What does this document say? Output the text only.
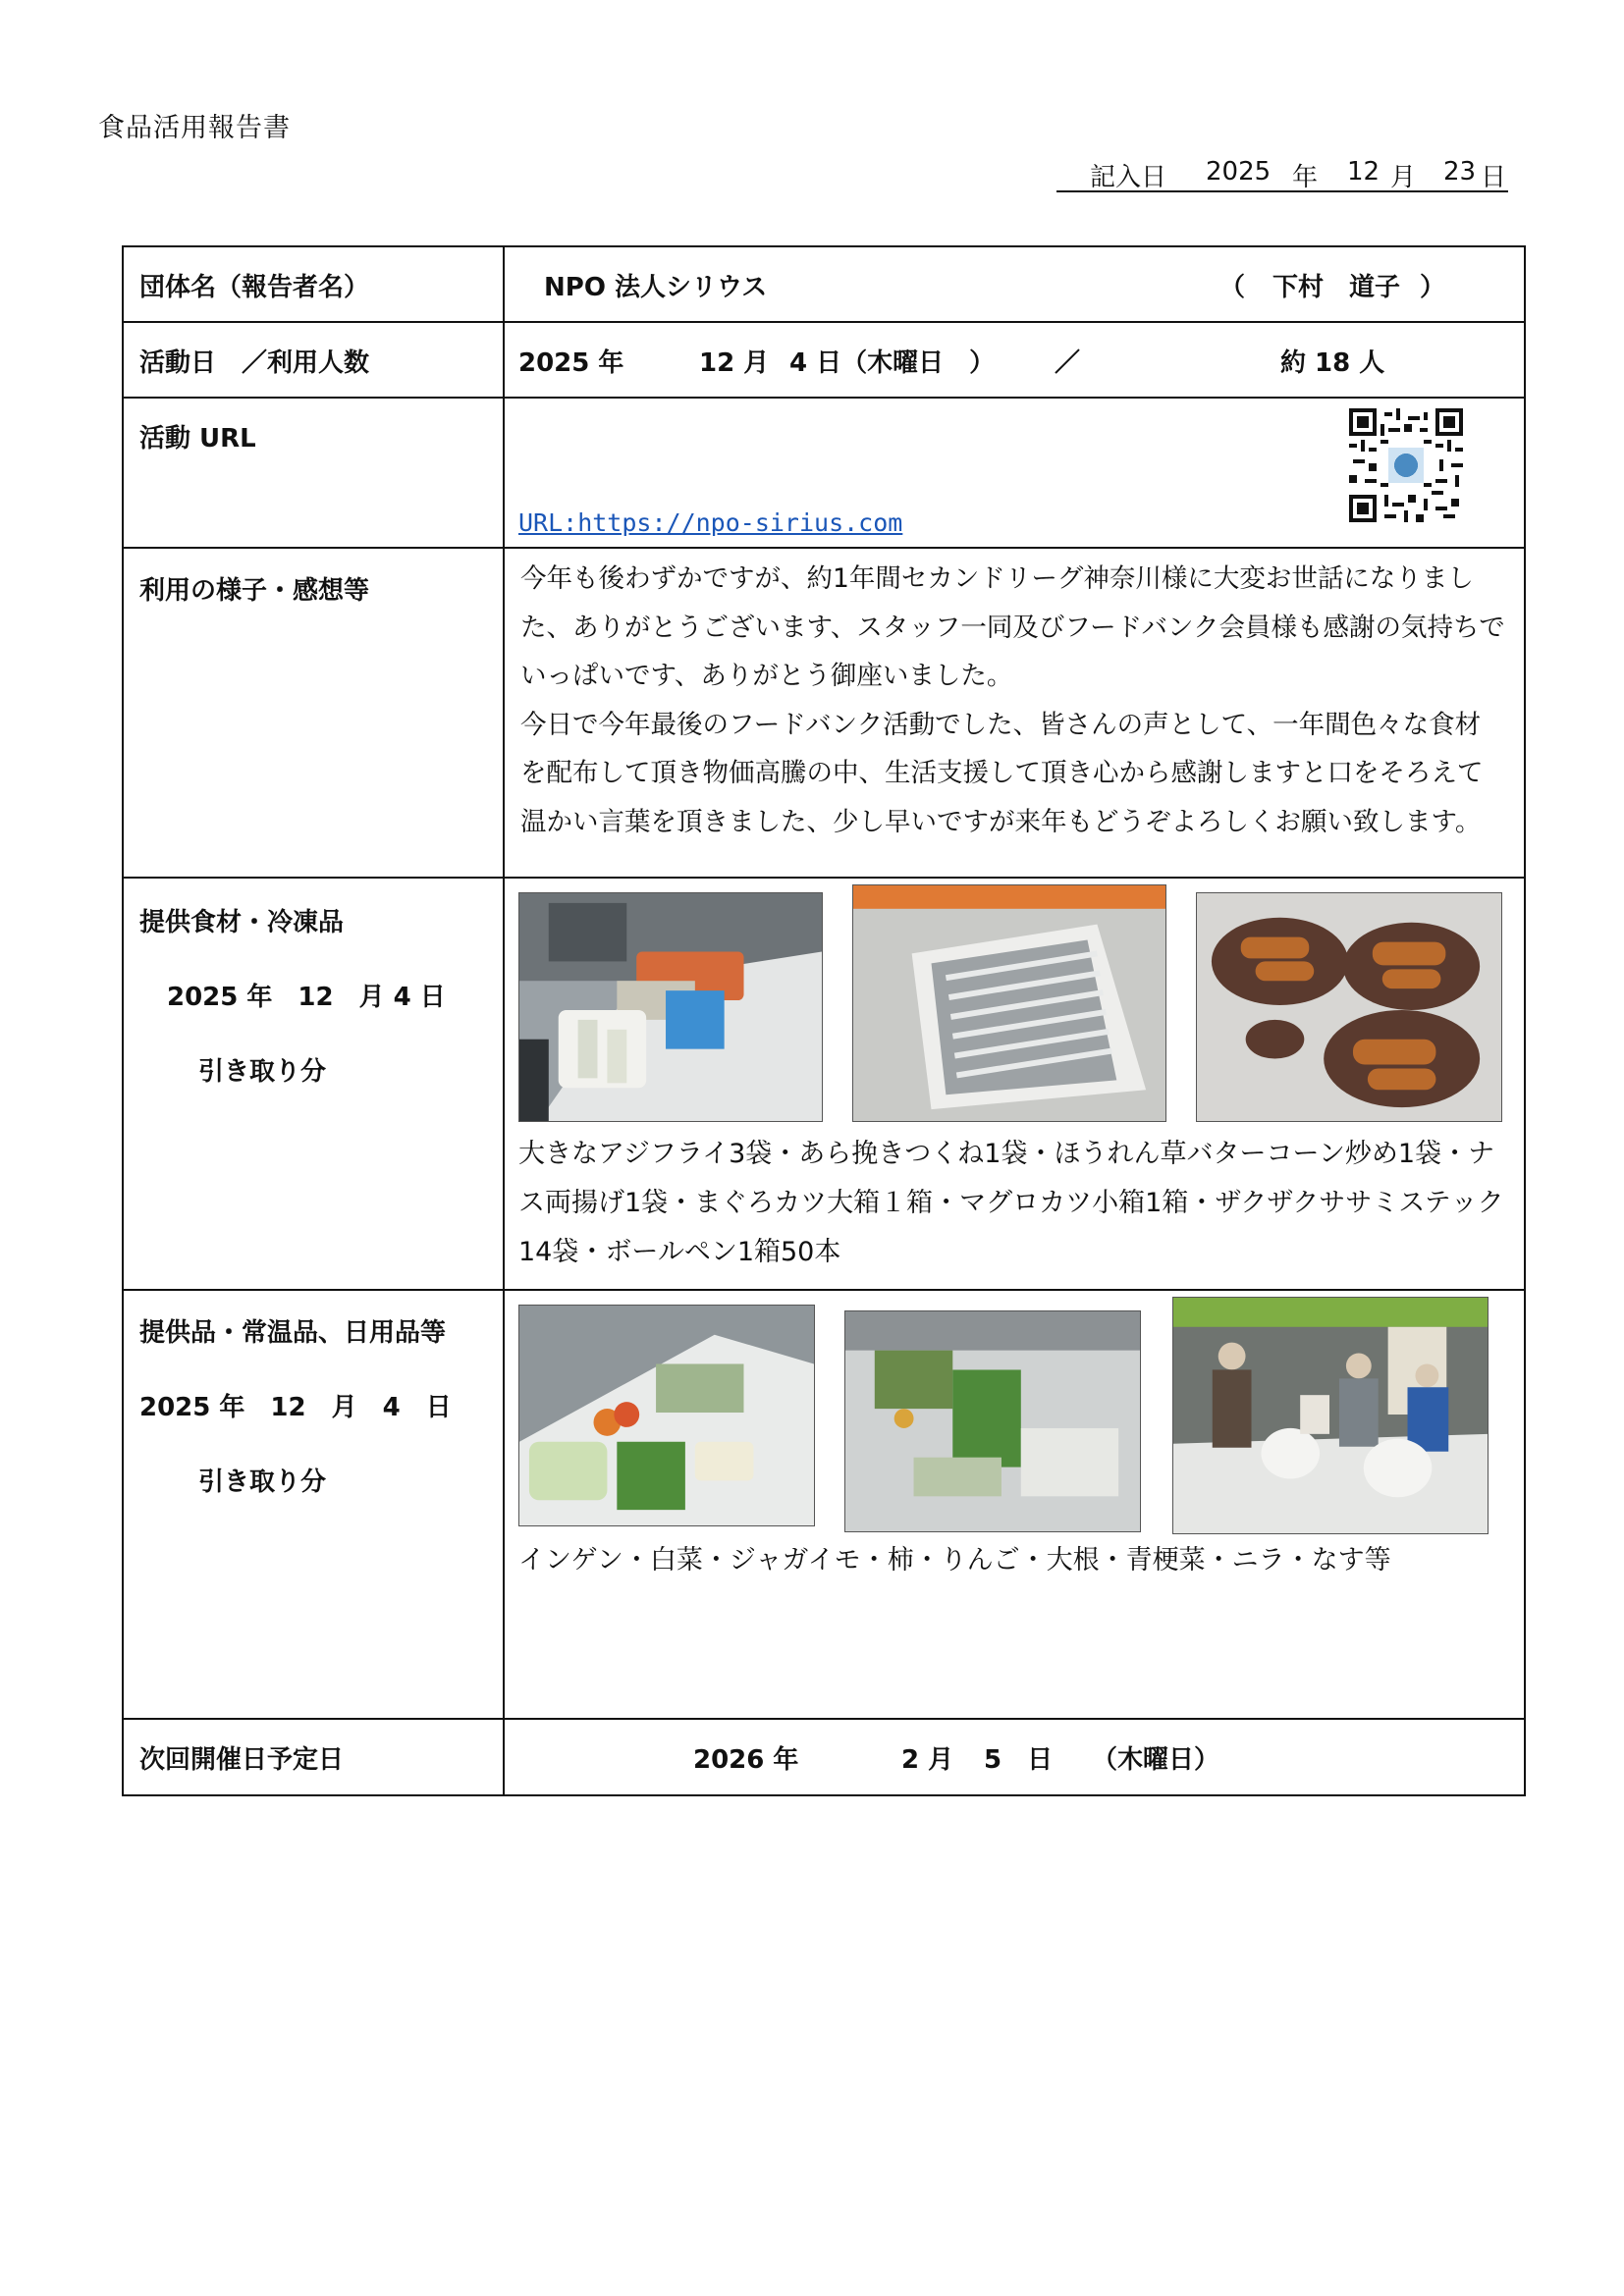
食品活用報告書
記入日 2025 年 12 月 23 日
団体名（報告者名）	NPO 法人シリウス	（ 下村　道子 ）
活動日　／利用人数	2025 年	12 月 4 日（木曜日　） ／	約 18 人
活動 URL
URL:https://npo-sirius.com
利用の様子・感想等	今年も後わずかですが、約1年間セカンドリーグ神奈川様に大変お世話になりまし

た、ありがとうございます、スタッフ一同及びフードバンク会員様も感謝の気持ちで

いっぱいです、ありがとう御座いました。

今日で今年最後のフードバンク活動でした、皆さんの声として、一年間色々な食材

を配布して頂き物価高騰の中、生活支援して頂き心から感謝しますと口をそろえて

温かい言葉を頂きました、少し早いですが来年もどうぞよろしくお願い致します。

提供食材・冷凍品
2025 年　12　月 4 日
引き取り分
大きなアジフライ3袋・あら挽きつくね1袋・ほうれん草バターコーン炒め1袋・ナ
ス両揚げ1袋・まぐろカツ大箱１箱・マグロカツ小箱1箱・ザクザクササミステック
14袋・ボールペン1箱50本
提供品・常温品、日用品等
2025 年　12　月　4　日
引き取り分
インゲン・白菜・ジャガイモ・柿・りんご・大根・青梗菜・ニラ・なす等
次回開催日予定日	2026 年	2 月 5　日 （木曜日）
